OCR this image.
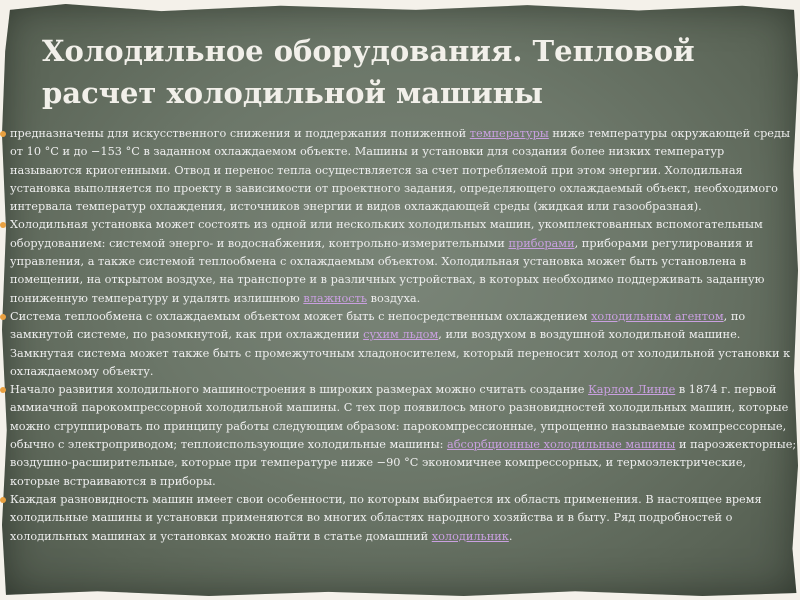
Холодильное оборудования. Тепловой расчет холодильной машины
предназначены для искусственного снижения и поддержания пониженной температуры ниже температуры окружающей среды от 10 °С и до −153 °С в заданном охлаждаемом объекте. Машины и установки для создания более низких температур называются криогенными. Отвод и перенос тепла осуществляется за счет потребляемой при этом энергии. Холодильная установка выполняется по проекту в зависимости от проектного задания, определяющего охлаждаемый объект, необходимого интервала температур охлаждения, источников энергии и видов охлаждающей среды (жидкая или газообразная).
Холодильная установка может состоять из одной или нескольких холодильных машин, укомплектованных вспомогательным оборудованием: системой энерго- и водоснабжения, контрольно-измерительными приборами, приборами регулирования и управления, а также системой теплообмена с охлаждаемым объектом. Холодильная установка может быть установлена в помещении, на открытом воздухе, на транспорте и в различных устройствах, в которых необходимо поддерживать заданную пониженную температуру и удалять излишнюю влажность воздуха.
Система теплообмена с охлаждаемым объектом может быть с непосредственным охлаждением холодильным агентом, по замкнутой системе, по разомкнутой, как при охлаждении сухим льдом, или воздухом в воздушной холодильной машине. Замкнутая система может также быть с промежуточным хладоносителем, который переносит холод от холодильной установки к охлаждаемому объекту.
Начало развития холодильного машиностроения в широких размерах можно считать создание Карлом Линде в 1874 г. первой аммиачной парокомпрессорной холодильной машины. С тех пор появилось много разновидностей холодильных машин, которые можно сгруппировать по принципу работы следующим образом: парокомпрессионные, упрощенно называемые компрессорные, обычно с электроприводом; теплоиспользующие холодильные машины: абсорбционные холодильные машины и пароэжекторные; воздушно-расширительные, которые при температуре ниже −90 °С экономичнее компрессорных, и термоэлектрические, которые встраиваются в приборы.
Каждая разновидность машин имеет свои особенности, по которым выбирается их область применения. В настоящее время холодильные машины и установки применяются во многих областях народного хозяйства и в быту. Ряд подробностей о холодильных машинах и установках можно найти в статье домашний холодильник.
